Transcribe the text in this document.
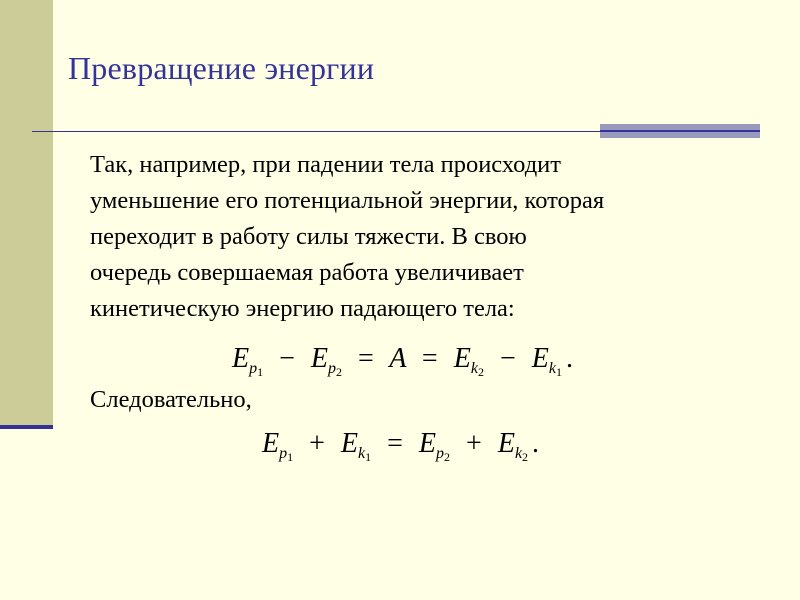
Превращение энергии

Так, например, при падении тела происходит
уменьшение его потенциальной энергии, которая
переходит в работу силы тяжести. В свою
очередь совершаемая работа увеличивает
кинетическую энергию падающего тела:

$E_{p1} - E_{p2} = A = E_{k2} - E_{k1}$ .
Следовательно,
$E_{p1} + E_{k1} = E_{p2} + E_{k2}$ .
